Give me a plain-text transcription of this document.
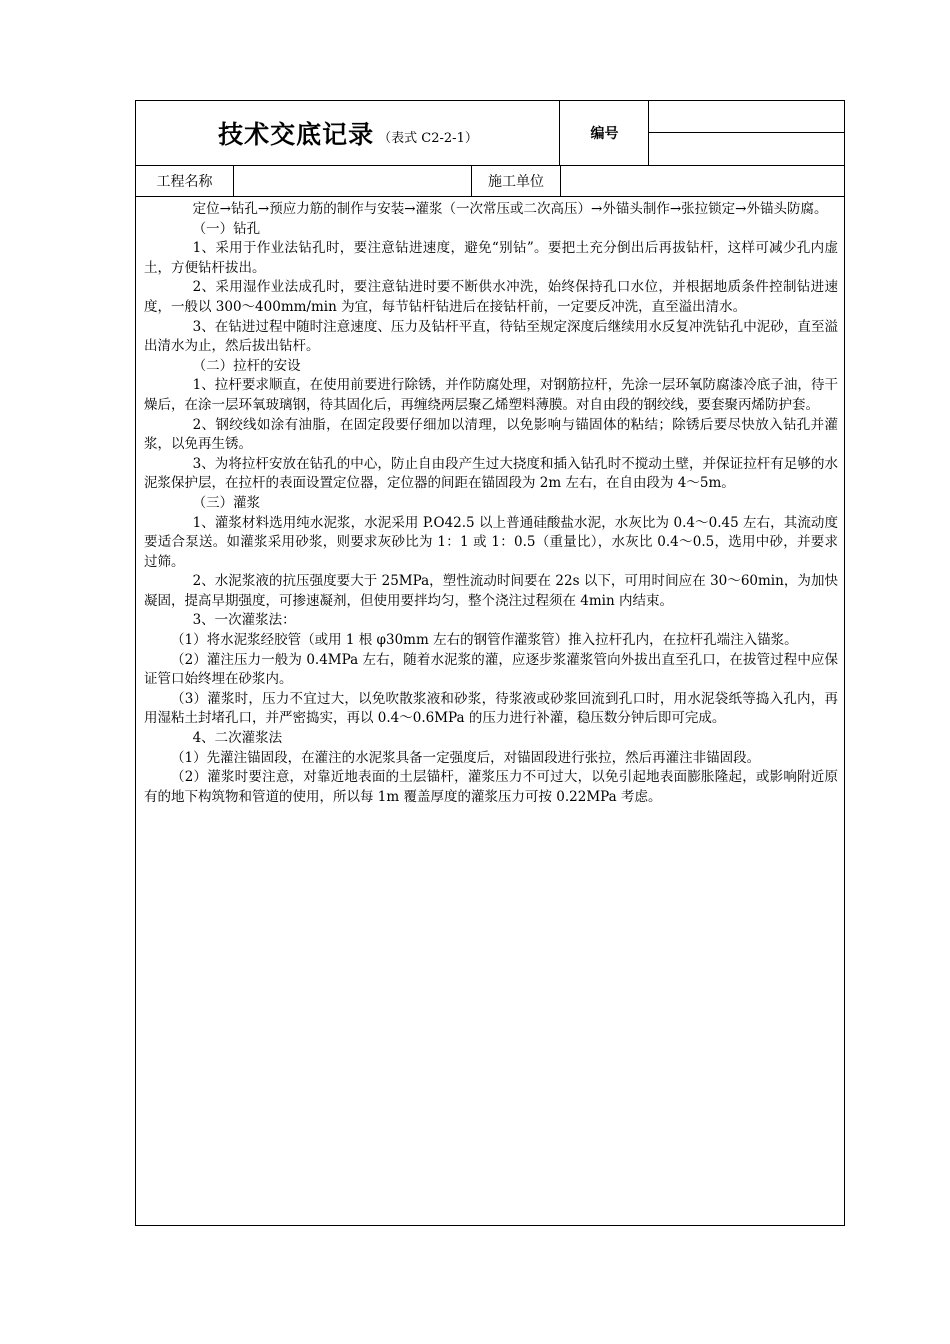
技术交底记录 （表式 C2-2-1）	编号
工程名称	施工单位

定位→钻孔→预应力筋的制作与安装→灌浆（一次常压或二次高压）→外锚头制作→张拉锁定→外锚头防腐。

（一）钻孔

1、采用于作业法钻孔时，要注意钻进速度，避免“别钻”。要把土充分倒出后再拔钻杆，这样可减少孔内虚土，方便钻杆拔出。

2、采用湿作业法成孔时，要注意钻进时要不断供水冲洗，始终保持孔口水位，并根据地质条件控制钻进速度，一般以 300～400mm/min 为宜，每节钻杆钻进后在接钻杆前，一定要反冲洗，直至溢出清水。

3、在钻进过程中随时注意速度、压力及钻杆平直，待钻至规定深度后继续用水反复冲洗钻孔中泥砂，直至溢出清水为止，然后拔出钻杆。

（二）拉杆的安设

1、拉杆要求顺直，在使用前要进行除锈，并作防腐处理，对钢筋拉杆，先涂一层环氧防腐漆冷底子油，待干燥后，在涂一层环氧玻璃钢，待其固化后，再缠绕两层聚乙烯塑料薄膜。对自由段的钢绞线，要套聚丙烯防护套。

2、钢绞线如涂有油脂，在固定段要仔细加以清理，以免影响与锚固体的粘结；除锈后要尽快放入钻孔并灌浆，以免再生锈。

3、为将拉杆安放在钻孔的中心，防止自由段产生过大挠度和插入钻孔时不搅动土壁，并保证拉杆有足够的水泥浆保护层，在拉杆的表面设置定位器，定位器的间距在锚固段为 2m 左右，在自由段为 4～5m。

（三）灌浆

1、灌浆材料选用纯水泥浆，水泥采用 P.O42.5 以上普通硅酸盐水泥，水灰比为 0.4～0.45 左右，其流动度要适合泵送。如灌浆采用砂浆，则要求灰砂比为 1：1 或 1：0.5（重量比），水灰比 0.4～0.5，选用中砂，并要求过筛。

2、水泥浆液的抗压强度要大于 25MPa，塑性流动时间要在 22s 以下，可用时间应在 30～60min，为加快凝固，提高早期强度，可掺速凝剂，但使用要拌均匀，整个浇注过程须在 4min 内结束。

3、一次灌浆法：

（1）将水泥浆经胶管（或用 1 根 φ30mm 左右的钢管作灌浆管）推入拉杆孔内，在拉杆孔端注入锚浆。

（2）灌注压力一般为 0.4MPa 左右，随着水泥浆的灌，应逐步浆灌浆管向外拔出直至孔口，在拔管过程中应保证管口始终埋在砂浆内。

（3）灌浆时，压力不宜过大，以免吹散浆液和砂浆，待浆液或砂浆回流到孔口时，用水泥袋纸等捣入孔内，再用湿粘土封堵孔口，并严密捣实，再以 0.4～0.6MPa 的压力进行补灌，稳压数分钟后即可完成。

4、二次灌浆法

（1）先灌注锚固段，在灌注的水泥浆具备一定强度后，对锚固段进行张拉，然后再灌注非锚固段。

（2）灌浆时要注意，对靠近地表面的土层锚杆，灌浆压力不可过大，以免引起地表面膨胀隆起，或影响附近原有的地下构筑物和管道的使用，所以每 1m 覆盖厚度的灌浆压力可按 0.22MPa 考虑。
